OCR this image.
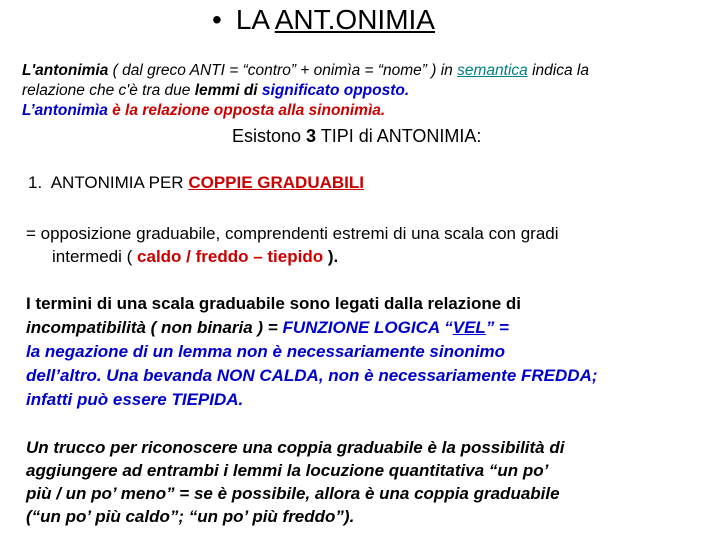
• LA ANT.ONIMIA
L'antonimia ( dal greco ANTI = “contro” + onimìa = “nome” ) in semantica indica la
relazione che c'è tra due lemmi di significato opposto.
L’antonimìa è la relazione opposta alla sinonimìa.
Esistono 3 TIPI di ANTONIMIA:
1. ANTONIMIA PER COPPIE GRADUABILI
= opposizione graduabile, comprendenti estremi di una scala con gradi
intermedi ( caldo / freddo – tiepido ).
I termini di una scala graduabile sono legati dalla relazione di
incompatibilità ( non binaria ) = FUNZIONE LOGICA “VEL” =
la negazione di un lemma non è necessariamente sinonimo
dell’altro. Una bevanda NON CALDA, non è necessariamente FREDDA;
infatti può essere TIEPIDA.
Un trucco per riconoscere una coppia graduabile è la possibilità di
aggiungere ad entrambi i lemmi la locuzione quantitativa “un po’
più / un po’ meno” = se è possibile, allora è una coppia graduabile
(“un po’ più caldo”; “un po’ più freddo”).
